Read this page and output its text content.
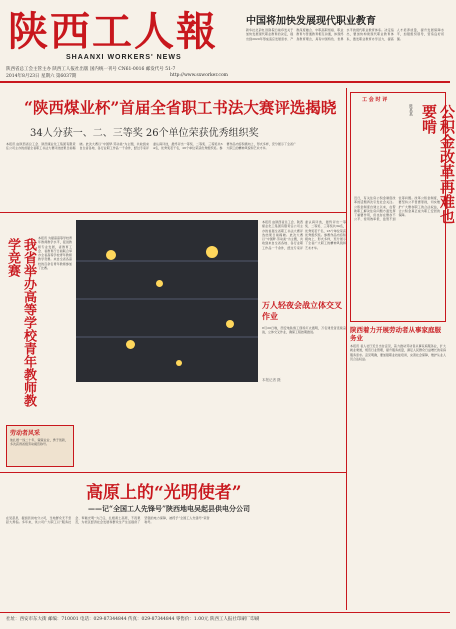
陕西工人報
SHAANXI WORKERS' NEWS
陕西省总工会主管主办 陕西工人报社出版 国内统一刊号 CN61-0016 邮发代号 51-7
2014年8月23日 星期六 第6037期	http://www.sxworker.com
中国将加快发展现代职业教育
新华社北京电 国务院日前印发关于加快发展现代职业教育的决定，提出到2020年形成适应发展需求、产教深度融合、中职高职衔接、职业教育与普通教育相互沟通，体现终身教育理念，具有中国特色、世界水平的现代职业教育体系。决定指出，要加快构建现代职业教育体系，激发职业教育办学活力，提高人才培养质量，提升发展保障水平，加强组织领导，营造良好氛围。
“陕西煤业杯”首届全省职工书法大赛评选揭晓
34人分获一、二、三等奖 26个单位荣获优秀组织奖
本报讯 由陕西省总工会、陕西煤业化工集团有限责任公司主办的首届全省职工书法大赛评选结果日前揭晓。此次大赛以“中国梦·劳动美”为主题，共收到来自全省各地、各行业职工作品一千余件，经过专家评委认真评选，最终评出一等奖、二等奖、三等奖共34名，优秀奖若干名，26个单位荣获优秀组织奖。参赛作品内容积极向上，形式多样，充分展示了全省广大职工的精神风貌和艺术才华。
工 会 时 评
公积金改革再难也要啃
陈某某
近日，有关住房公积金制度改革的话题再次引发社会关注。公积金制度自建立以来，在帮助职工解决住房问题方面发挥了重要作用，但也存在缴存不公平、使用效率低、监管不到位等问题。改革公积金制度，要坚持公平普惠原则，切实维护广大缴存职工的合法权益，让公积金真正成为职工安居的保障。
我省举办高等学校青年教师教学竞赛	本报讯 为提高高等学校青年教师教学水平，促进教师专业发展，省教育工会、省教育厅日前联合举办全省高等学校青年教师教学竞赛。来自全省各高校的百余名青年教师参加了比赛。
劳动者风采
他扎根一线二十年，兢兢业业，勇于创新，多次获得省级劳动模范称号。
万人轻夜会战立体交叉作业
8月20日晚，西安地铁施工现场灯火通明，万名建设者连续奋战，立体交叉作业，确保工程按期推进。
本报记者 摄
本报讯 由陕西省总工会、陕西煤业化工集团有限责任公司主办的首届全省职工书法大赛评选结果日前揭晓。此次大赛以“中国梦·劳动美”为主题，共收到来自全省各地、各行业职工作品一千余件，经过专家评委认真评选，最终评出一等奖、二等奖、三等奖共34名，优秀奖若干名，26个单位荣获优秀组织奖。参赛作品内容积极向上，形式多样，充分展示了全省广大职工的精神风貌和艺术才华。
陕西着力开展劳动者从事家庭服务业
本报讯 省人社厅近日出台意见，着力推动劳动者从事家庭服务业，扩大就业渠道，规范行业管理，提升服务质量，满足人民群众日益增长的家庭服务需求。意见明确，要加强职业技能培训，完善社会保障，维护从业人员合法权益。
高原上的“光明使者”
——记“全国工人先锋号”陕西地电吴起县供电分公司
在吴起县，提到县供电分公司，当地群众无不竖起大拇指。多年来，该公司广大职工以“服务社会、奉献光明”为己任，扎根黄土高原，不畏艰苦，为老区经济社会发展和群众生产生活提供了坚强的电力保障，被授予“全国工人先锋号”荣誉称号。
社址：西安市东大街 邮编：710001 电话：029-87344844 传真：029-87344844 零售价：1.00元 陕西工人报社印刷厂印刷
